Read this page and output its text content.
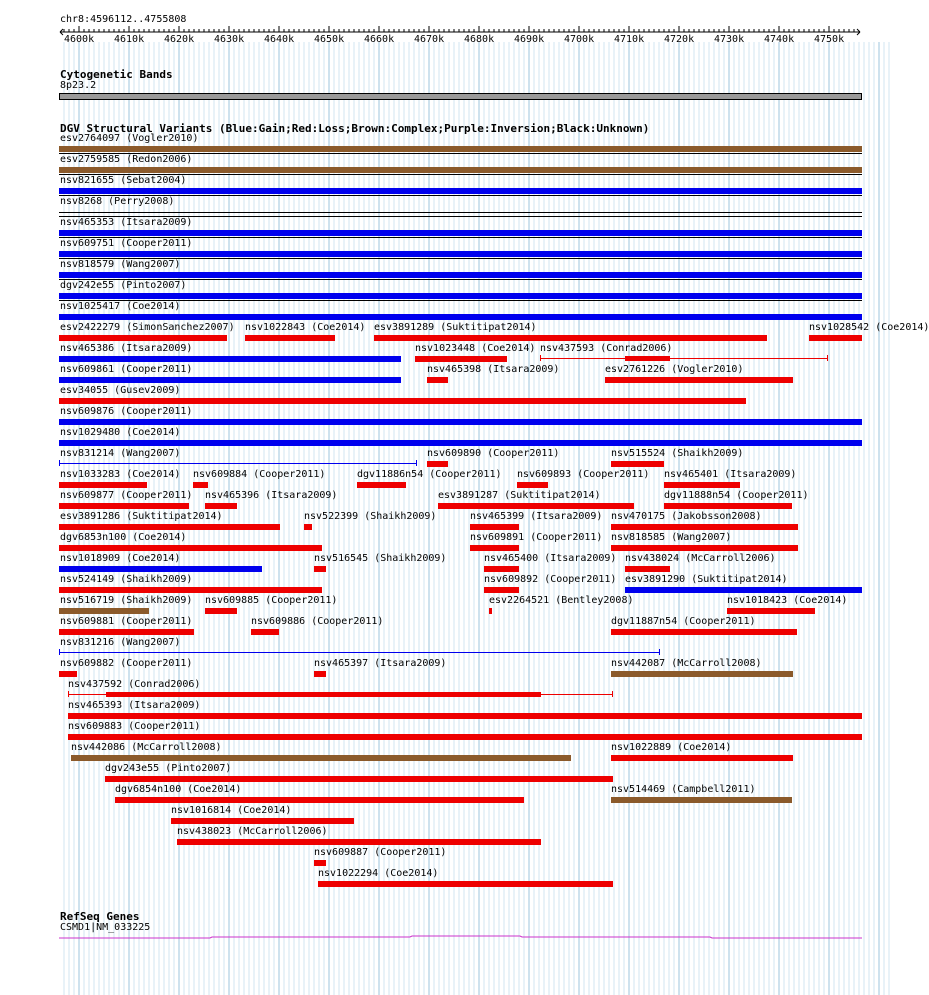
chr8:4596112..4755808
4600k 4610k 4620k 4630k 4640k 4650k 4660k 4670k 4680k 4690k 4700k 4710k 4720k 4730k 4740k 4750k
Cytogenetic Bands
8p23.2
DGV Structural Variants (Blue:Gain;Red:Loss;Brown:Complex;Purple:Inversion;Black:Unknown)
esv2764097 (Vogler2010)
esv2759585 (Redon2006)
nsv821655 (Sebat2004)
nsv8268 (Perry2008)
nsv465353 (Itsara2009)
nsv609751 (Cooper2011)
nsv818579 (Wang2007)
dgv242e55 (Pinto2007)
nsv1025417 (Coe2014)
esv2422279 (SimonSanchez2007) nsv1022843 (Coe2014) esv3891289 (Suktitipat2014)	nsv1028542 (Coe2014)
nsv465386 (Itsara2009)	nsv1023448 (Coe2014) nsv437593 (Conrad2006)
nsv609861 (Cooper2011)	nsv465398 (Itsara2009)	esv2761226 (Vogler2010)
esv34055 (Gusev2009)
nsv609876 (Cooper2011)
nsv1029480 (Coe2014)
nsv831214 (Wang2007)	nsv609890 (Cooper2011)	nsv515524 (Shaikh2009)
nsv1033283 (Coe2014) nsv609884 (Cooper2011)	dgv11886n54 (Cooper2011) nsv609893 (Cooper2011) nsv465401 (Itsara2009)
nsv609877 (Cooper2011) nsv465396 (Itsara2009)	esv3891287 (Suktitipat2014)	dgv11888n54 (Cooper2011)
esv3891286 (Suktitipat2014)	nsv522399 (Shaikh2009)	nsv465399 (Itsara2009) nsv470175 (Jakobsson2008)
dgv6853n100 (Coe2014)	nsv609891 (Cooper2011) nsv818585 (Wang2007)
nsv1018909 (Coe2014)	nsv516545 (Shaikh2009)	nsv465400 (Itsara2009) nsv438024 (McCarroll2006)
nsv524149 (Shaikh2009)	nsv609892 (Cooper2011) esv3891290 (Suktitipat2014)
nsv516719 (Shaikh2009) nsv609885 (Cooper2011)	esv2264521 (Bentley2008)	nsv1018423 (Coe2014)
nsv609881 (Cooper2011)	nsv609886 (Cooper2011)	dgv11887n54 (Cooper2011)
nsv831216 (Wang2007)
nsv609882 (Cooper2011)	nsv465397 (Itsara2009)	nsv442087 (McCarroll2008)
nsv437592 (Conrad2006)
nsv465393 (Itsara2009)
nsv609883 (Cooper2011)
nsv442086 (McCarroll2008)	nsv1022889 (Coe2014)
dgv243e55 (Pinto2007)
dgv6854n100 (Coe2014)	nsv514469 (Campbell2011)
nsv1016814 (Coe2014)
nsv438023 (McCarroll2006)
nsv609887 (Cooper2011)
nsv1022294 (Coe2014)
RefSeq Genes
CSMD1|NM_033225
